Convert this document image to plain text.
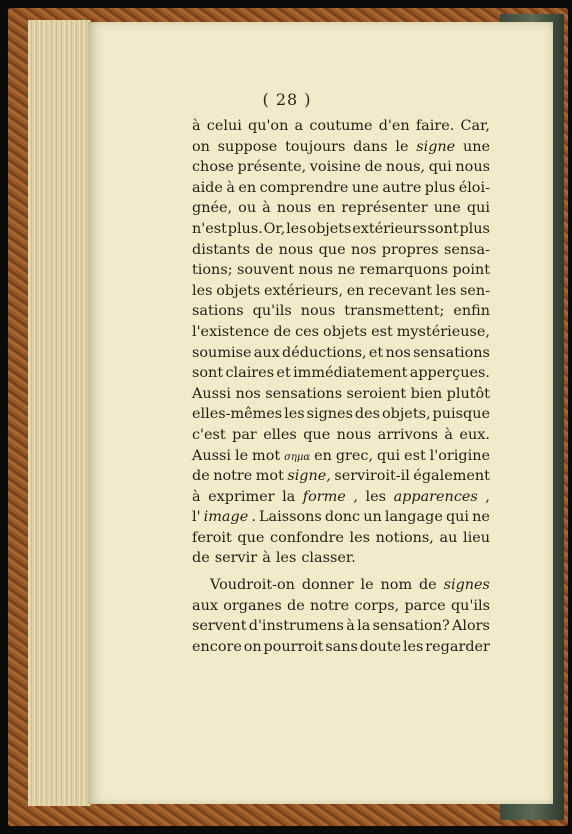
( 28 )
à celui qu'on a coutume d'en faire. Car,
on suppose toujours dans le signe une
chose présente, voisine de nous, qui nous
aide à en comprendre une autre plus éloi-
gnée, ou à nous en représenter une qui
n'est plus. Or, les objets extérieurs sont plus
distants de nous que nos propres sensa-
tions; souvent nous ne remarquons point
les objets extérieurs, en recevant les sen-
sations qu'ils nous transmettent; enfin
l'existence de ces objets est mystérieuse,
soumise aux déductions, et nos sensations
sont claires et immédiatement apperçues.
Aussi nos sensations seroient bien plutôt
elles-mêmes les signes des objets, puisque
c'est par elles que nous arrivons à eux.
Aussi le mot σημα en grec, qui est l'origine
de notre mot signe, serviroit-il également
à exprimer la forme , les apparences ,
l' image . Laissons donc un langage qui ne
feroit que confondre les notions, au lieu
de servir à les classer.
Voudroit-on donner le nom de signes
aux organes de notre corps, parce qu'ils
servent d'instrumens à la sensation? Alors
encore on pourroit sans doute les regarder
